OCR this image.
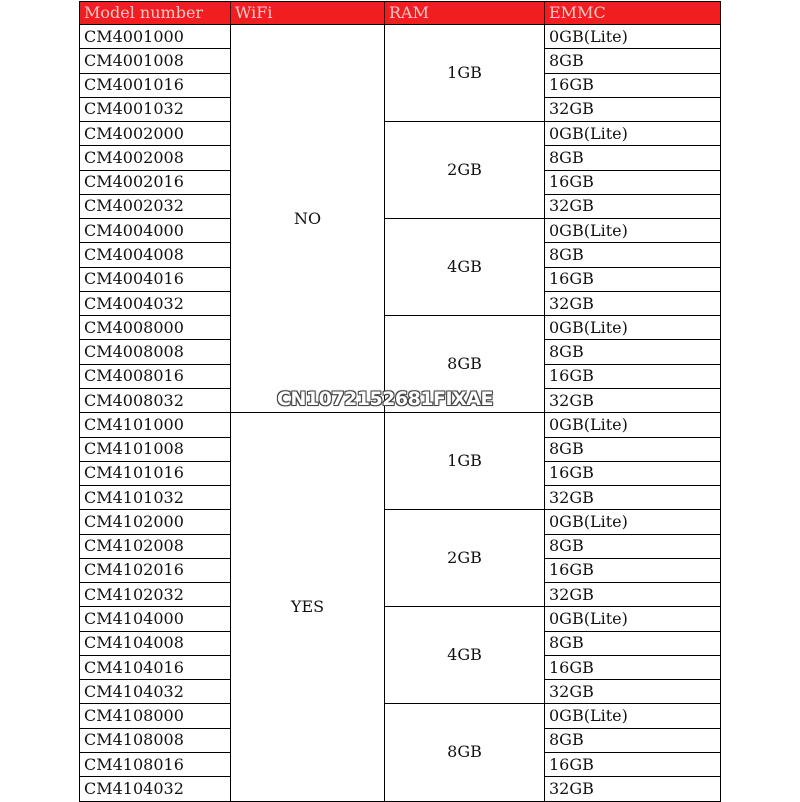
Model number	WiFi	RAM	EMMC
CM4001000	NO	1GB	0GB(Lite)
CM4001008			8GB
CM4001016			16GB
CM4001032			32GB
CM4002000		2GB	0GB(Lite)
CM4002008			8GB
CM4002016			16GB
CM4002032			32GB
CM4004000		4GB	0GB(Lite)
CM4004008			8GB
CM4004016			16GB
CM4004032			32GB
CM4008000		8GB	0GB(Lite)
CM4008008			8GB
CM4008016			16GB
CM4008032			32GB
CM4101000	YES	1GB	0GB(Lite)
CM4101008			8GB
CM4101016			16GB
CM4101032			32GB
CM4102000		2GB	0GB(Lite)
CM4102008			8GB
CM4102016			16GB
CM4102032			32GB
CM4104000		4GB	0GB(Lite)
CM4104008			8GB
CM4104016			16GB
CM4104032			32GB
CM4108000		8GB	0GB(Lite)
CM4108008			8GB
CM4108016			16GB
CM4104032			32GB
CN1072152681FIXAE
